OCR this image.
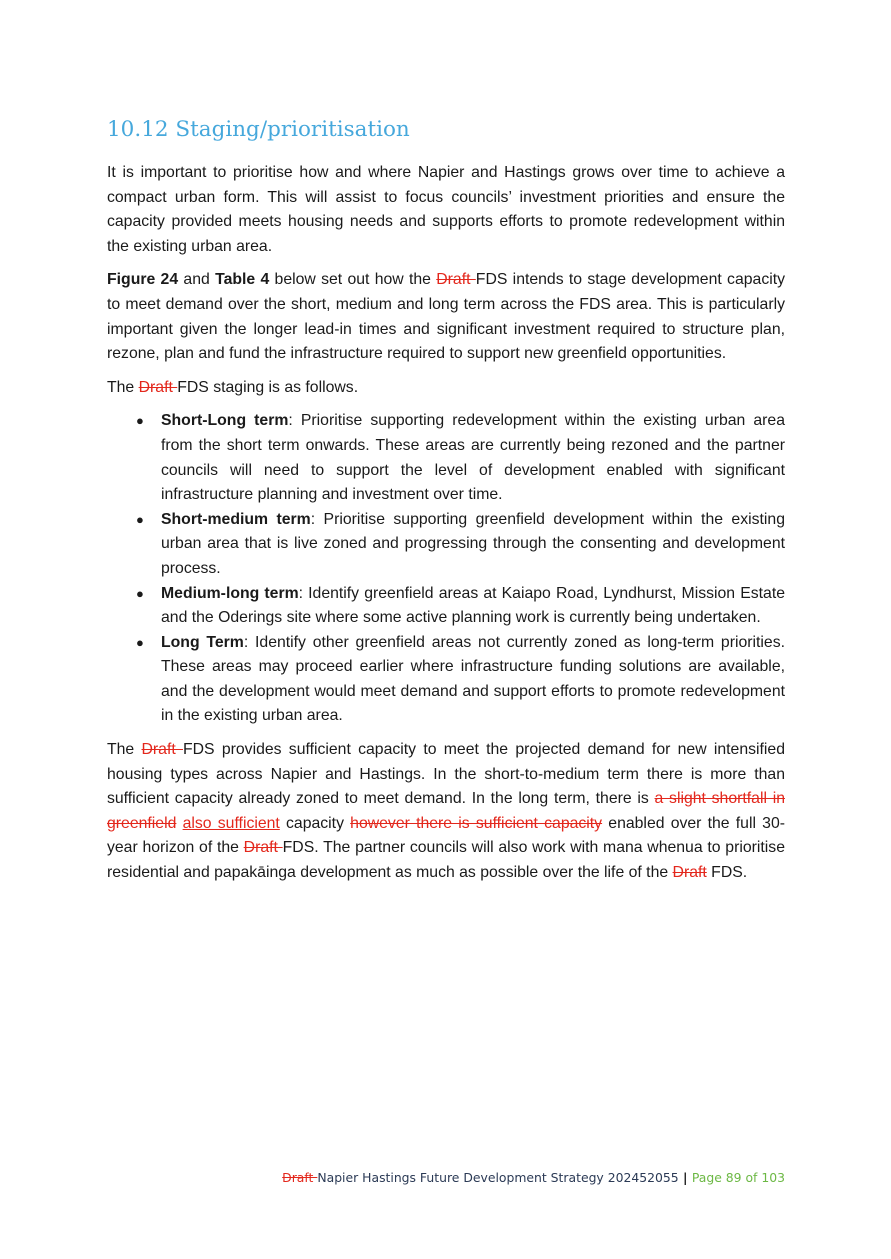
10.12 Staging/prioritisation

It is important to prioritise how and where Napier and Hastings grows over time to achieve a compact urban form. This will assist to focus councils’ investment priorities and ensure the capacity provided meets housing needs and supports efforts to promote redevelopment within the existing urban area.

Figure 24 and Table 4 below set out how the Draft FDS intends to stage development capacity to meet demand over the short, medium and long term across the FDS area. This is particularly important given the longer lead-in times and significant investment required to structure plan, rezone, plan and fund the infrastructure required to support new greenfield opportunities.

The Draft FDS staging is as follows.

● Short-Long term: Prioritise supporting redevelopment within the existing urban area from the short term onwards. These areas are currently being rezoned and the partner councils will need to support the level of development enabled with significant infrastructure planning and investment over time.
● Short-medium term: Prioritise supporting greenfield development within the existing urban area that is live zoned and progressing through the consenting and development process.
● Medium-long term: Identify greenfield areas at Kaiapo Road, Lyndhurst, Mission Estate and the Oderings site where some active planning work is currently being undertaken.
● Long Term: Identify other greenfield areas not currently zoned as long-term priorities. These areas may proceed earlier where infrastructure funding solutions are available, and the development would meet demand and support efforts to promote redevelopment in the existing urban area.

The Draft FDS provides sufficient capacity to meet the projected demand for new intensified housing types across Napier and Hastings. In the short-to-medium term there is more than sufficient capacity already zoned to meet demand. In the long term, there is a slight shortfall in greenfield also sufficient capacity however there is sufficient capacity enabled over the full 30-year horizon of the Draft FDS. The partner councils will also work with mana whenua to prioritise residential and papakāinga development as much as possible over the life of the Draft FDS.

Draft Napier Hastings Future Development Strategy 202452055 | Page 89 of 103
